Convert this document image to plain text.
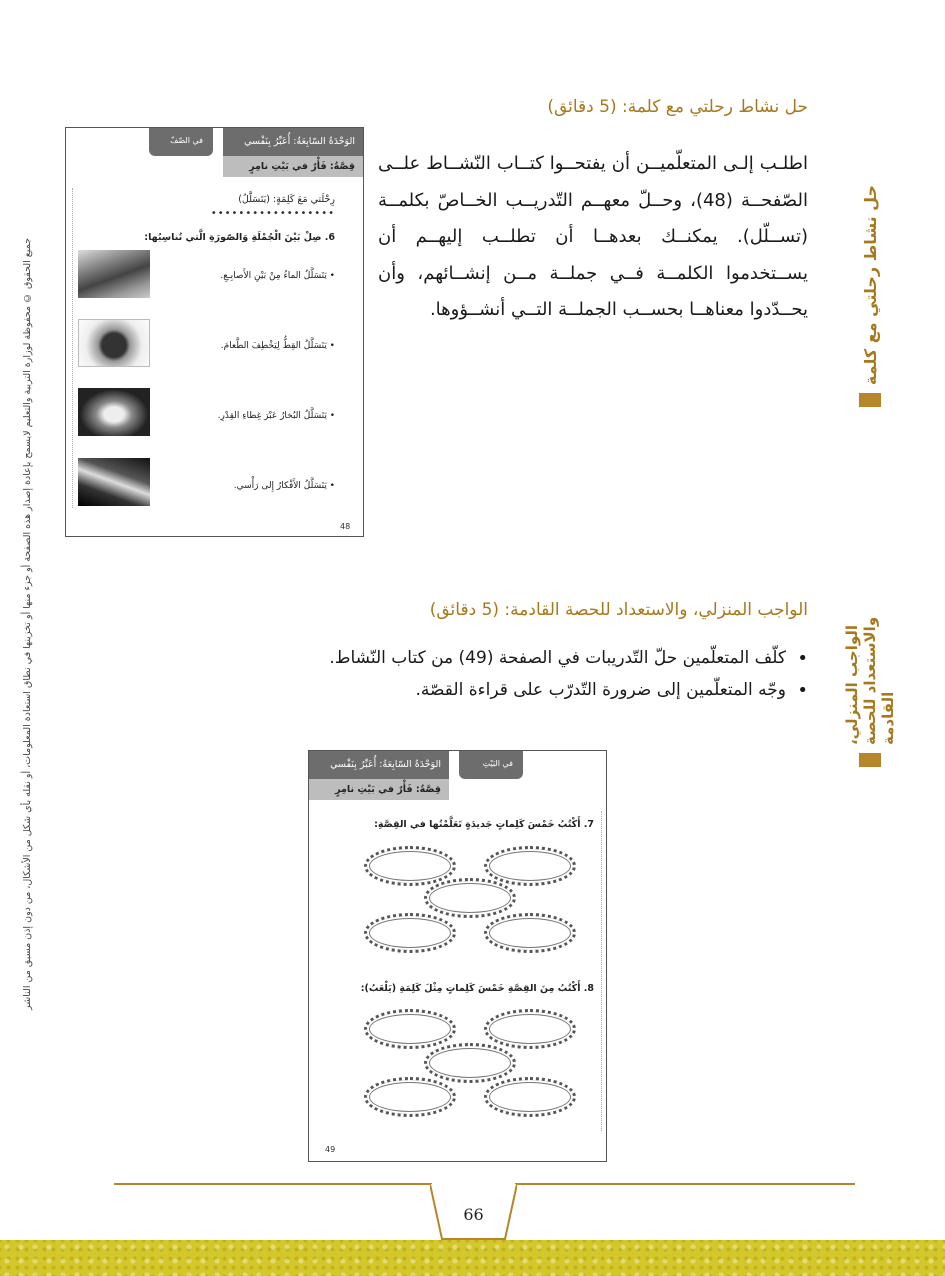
حل نشاط رحلتي مع كلمة
الواجب المنزلي، والاستعداد للحصة القادمة
جميع الحقوق © محفوظة لوزارة التربية والتعليم لايسمح بإعادة إصدار هذه الصفحة أو جزء منها أو تخزينها في نطاق استعادة المعلومات، أو نقله بأي شكل من الأشكال، من دون إذن مسبق من الناشر
حل نشاط رحلتي مع كلمة: (5 دقائق)
اطلـب إلـى المتعلّميــن أن يفتحــوا كتــاب النّشــاط علــى الصّفحــة (48)، وحــلّ معهــم التّدريــب الخــاصّ بكلمــة (تســلّل). يمكنــك بعدهــا أن تطلــب إليهــم أن يســتخدموا الكلمــة فــي جملــة مــن إنشــائهم، وأن يحــدّدوا معناهــا بحســب الجملــة التــي أنشــؤوها.
الوَحْدَةُ السّابِعَةُ: أُعَبِّرُ بِنَفْسي
قِصَّةُ: فَأْرٌ في بَيْتِ نامِرٍ
في الصّفّ
رِحْلَتي مَعَ كَلِمَةٍ: (يَتَسَلَّلُ)
••••••••••••••••••
6. صِلْ بَيْنَ الْجُمْلَةِ وَالصّورَةِ الَّتي تُناسِبُها:
• يَتَسَلَّلُ الماءُ مِنْ بَيْنِ الأَصابِـعِ.
• يَتَسَلَّلُ القِطُّ لِيَخْطِفَ الطَّعامَ.
• يَتَسَلَّلُ البُخارُ عَبْرَ غِطاءِ القِدْرِ.
• يَتَسَلَّلُ الأَفْكارُ إِلى رَأْسي.
48
الواجب المنزلي، والاستعداد للحصة القادمة: (5 دقائق)
• كلّف المتعلّمين حلّ التّدريبات في الصفحة (49) من كتاب النّشاط.
• وجّه المتعلّمين إلى ضرورة التّدرّب على قراءة القصّة.
الوَحْدَةُ السّابِعَةُ: أُعَبِّرُ بِنَفْسي
قِصَّةُ: فَأْرٌ في بَيْتِ نامِرٍ
في البَيْتِ
7. أَكْتُبُ خَمْسَ كَلِماتٍ جَديدَةٍ تَعَلَّمْتُها في القِصَّةِ:
8. أَكْتُبُ مِنَ القِصَّةِ خَمْسَ كَلِماتٍ مِثْلَ كَلِمَةِ (يَلْعَبُ):
49
66
